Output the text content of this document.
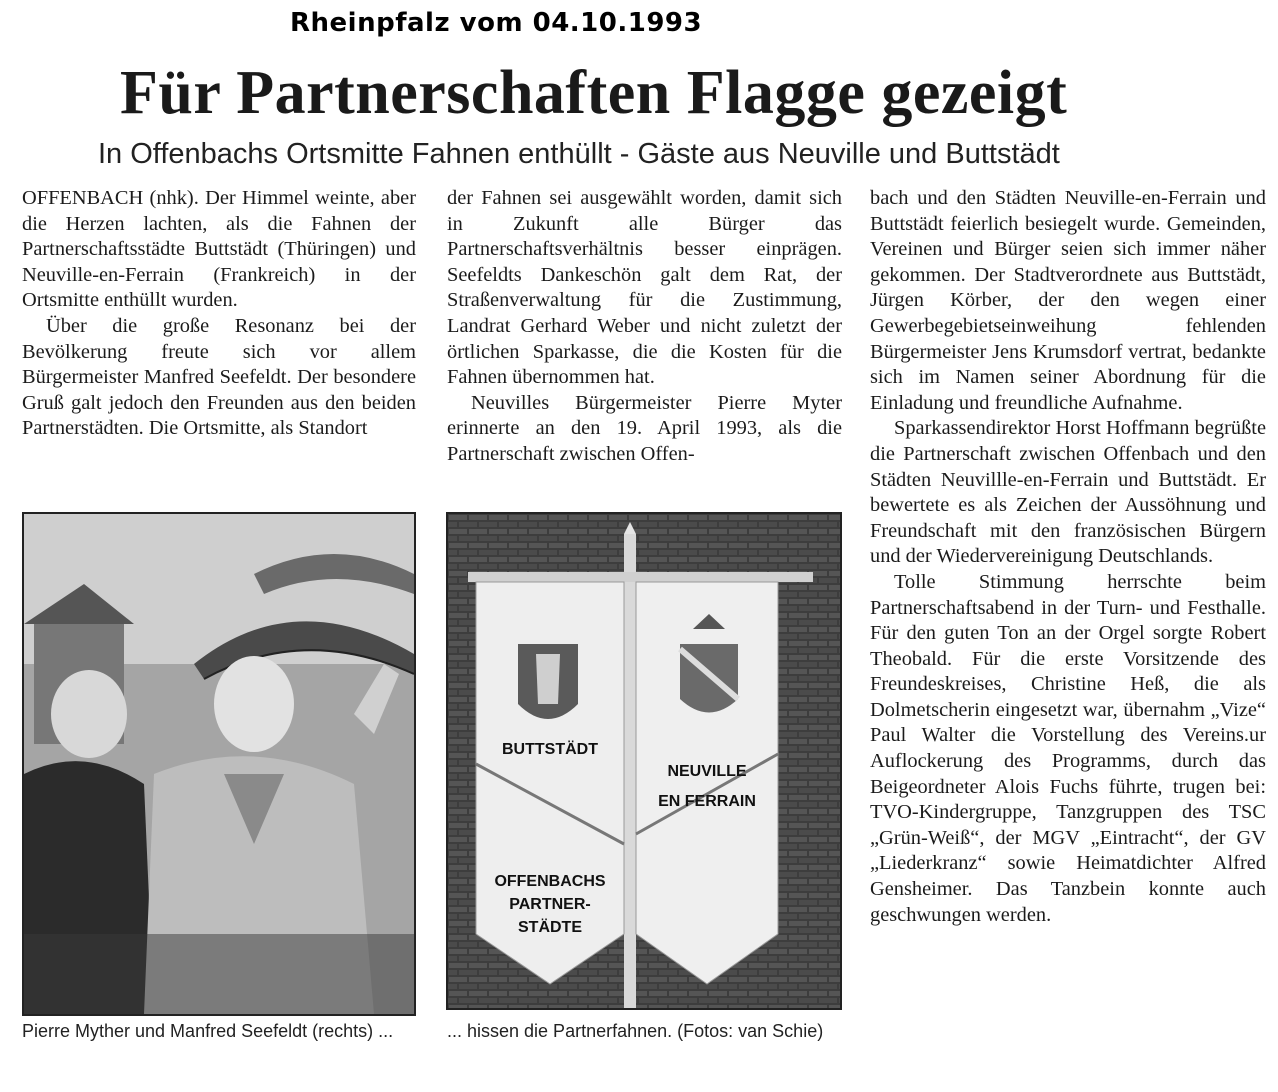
Rheinpfalz vom 04.10.1993
Für Partnerschaften Flagge gezeigt
In Offenbachs Ortsmitte Fahnen enthüllt - Gäste aus Neuville und Buttstädt

OFFENBACH (nhk). Der Himmel weinte, aber die Herzen lachten, als die Fahnen der Partnerschaftsstädte Buttstädt (Thüringen) und Neuville-en-Ferrain (Frankreich) in der Ortsmitte enthüllt wurden.

Über die große Resonanz bei der Bevölkerung freute sich vor allem Bürgermeister Manfred Seefeldt. Der besondere Gruß galt jedoch den Freunden aus den beiden Partnerstädten. Die Ortsmitte, als Standort

der Fahnen sei ausgewählt worden, damit sich in Zukunft alle Bürger das Partnerschaftsverhältnis besser einprägen. Seefeldts Dankeschön galt dem Rat, der Straßenverwaltung für die Zustimmung, Landrat Gerhard Weber und nicht zuletzt der örtlichen Sparkasse, die die Kosten für die Fahnen übernommen hat.

Neuvilles Bürgermeister Pierre Myter erinnerte an den 19. April 1993, als die Partnerschaft zwischen Offen-

bach und den Städten Neuville-en-Ferrain und Buttstädt feierlich besiegelt wurde. Gemeinden, Vereinen und Bürger seien sich immer näher gekommen. Der Stadtverordnete aus Buttstädt, Jürgen Körber, der den wegen einer Gewerbegebietseinweihung fehlenden Bürgermeister Jens Krumsdorf vertrat, bedankte sich im Namen seiner Abordnung für die Einladung und freundliche Aufnahme.

Sparkassendirektor Horst Hoffmann begrüßte die Partnerschaft zwischen Offenbach und den Städten Neuvillle-en-Ferrain und Buttstädt. Er bewertete es als Zeichen der Aussöhnung und Freundschaft mit den französischen Bürgern und der Wiedervereinigung Deutschlands.

Tolle Stimmung herrschte beim Partnerschaftsabend in der Turn- und Festhalle. Für den guten Ton an der Orgel sorgte Robert Theobald. Für die erste Vorsitzende des Freundeskreises, Christine Heß, die als Dolmetscherin eingesetzt war, übernahm „Vize“ Paul Walter die Vorstellung des Vereins.ur Auflockerung des Programms, durch das Beigeordneter Alois Fuchs führte, trugen bei: TVO-Kindergruppe, Tanzgruppen des TSC „Grün-Weiß“, der MGV „Eintracht“, der GV „Liederkranz“ sowie Heimatdichter Alfred Gensheimer. Das Tanzbein konnte auch geschwungen werden.

BUTTSTÄDT
OFFENBACHS
PARTNER-
STÄDTE
NEUVILLE
EN FERRAIN
Pierre Myther und Manfred Seefeldt (rechts) ...	... hissen die Partnerfahnen. (Fotos: van Schie)
